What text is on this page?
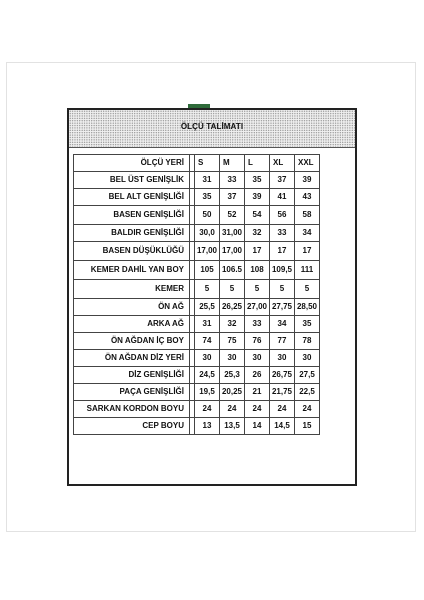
ÖLÇÜ TALİMATI

ÖLÇÜ YERİ		S	M	L	XL	XXL
BEL ÜST GENİŞLİK		31	33	35	37	39
BEL ALT GENİŞLİĞİ		35	37	39	41	43
BASEN GENİŞLİĞİ		50	52	54	56	58
BALDIR GENİŞLİĞİ		30,0	31,00	32	33	34
BASEN DÜŞÜKLÜĞÜ		17,00	17,00	17	17	17
KEMER DAHİL YAN BOY		105	106.5	108	109,5	111
KEMER		5	5	5	5	5
ÖN AĞ		25,5	26,25	27,00	27,75	28,50
ARKA AĞ		31	32	33	34	35
ÖN AĞDAN İÇ BOY		74	75	76	77	78
ÖN AĞDAN DİZ YERİ		30	30	30	30	30
DİZ GENİŞLİĞİ		24,5	25,3	26	26,75	27,5
PAÇA GENİŞLİĞİ		19,5	20,25	21	21,75	22,5
SARKAN KORDON BOYU		24	24	24	24	24
CEP BOYU		13	13,5	14	14,5	15
